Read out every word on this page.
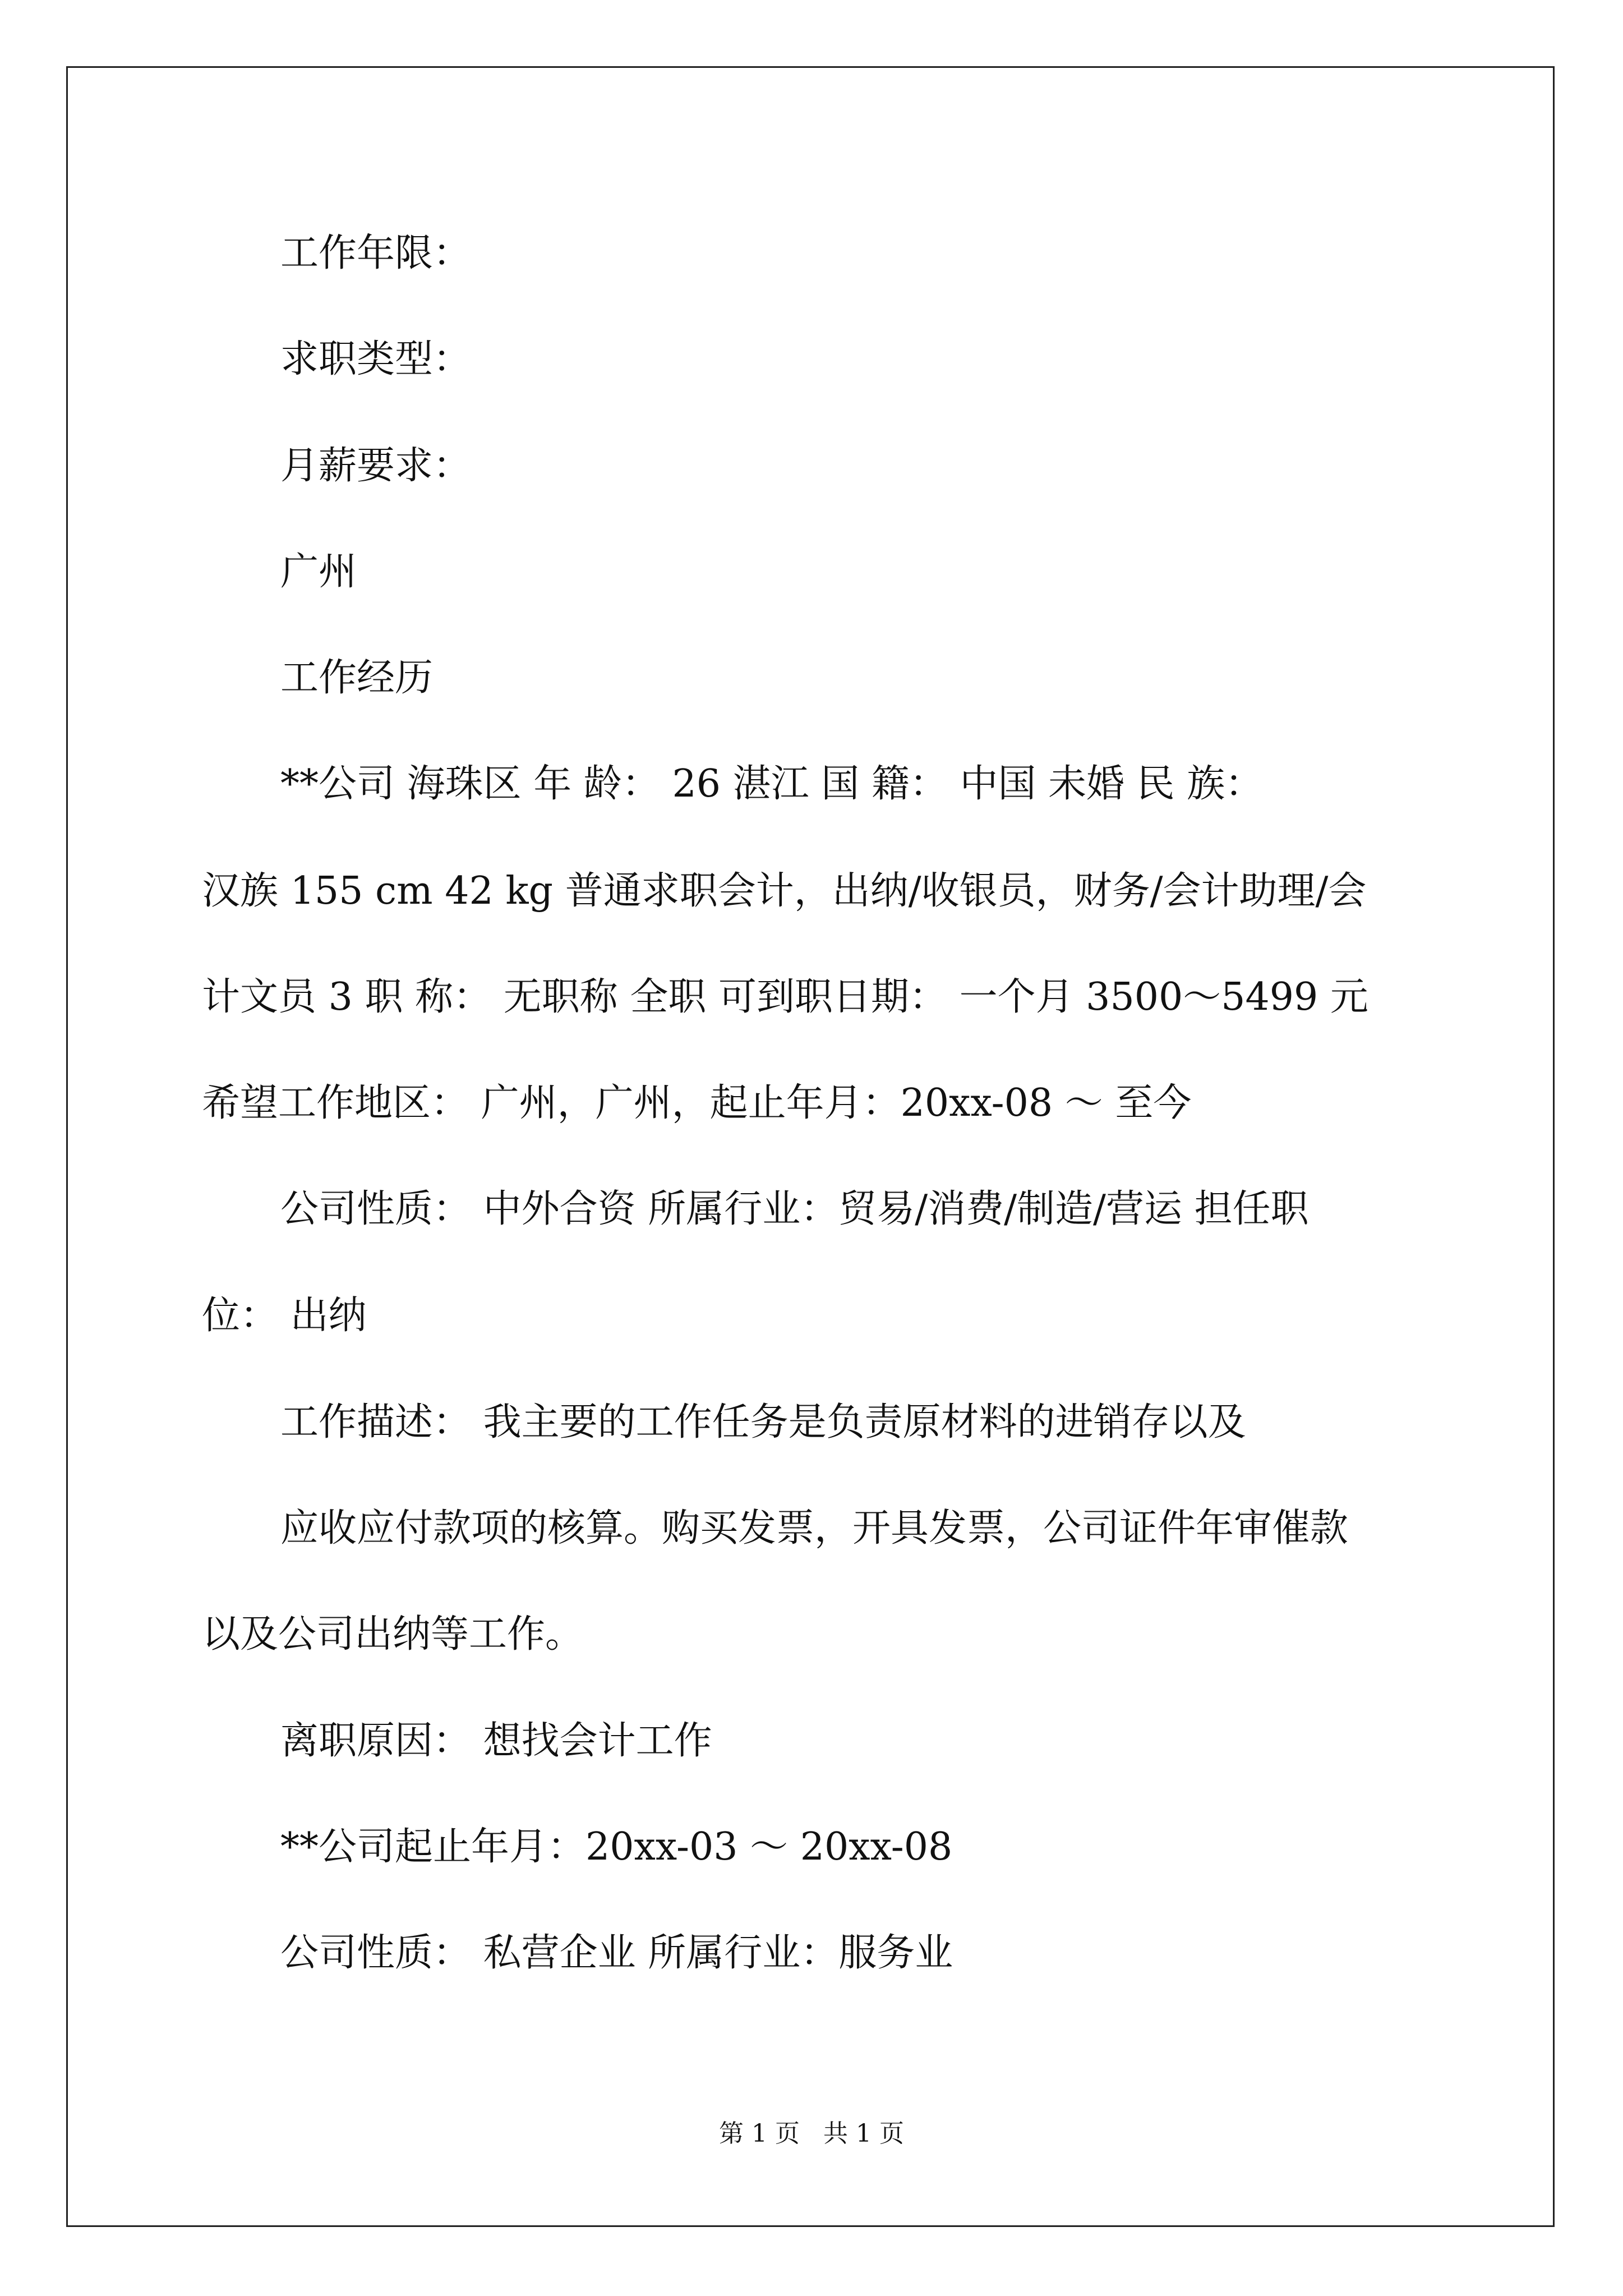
工作年限：
求职类型：
月薪要求：
广州
工作经历
**公司 海珠区 年 龄： 26 湛江 国 籍： 中国 未婚 民 族：
汉族 155 cm 42 kg 普通求职会计，出纳/收银员，财务/会计助理/会
计文员 3 职 称： 无职称 全职 可到职日期： 一个月 3500～5499 元
希望工作地区： 广州，广州，起止年月：20xx-08 ～ 至今
公司性质： 中外合资 所属行业：贸易/消费/制造/营运 担任职
位： 出纳
工作描述： 我主要的工作任务是负责原材料的进销存以及
应收应付款项的核算。购买发票，开具发票，公司证件年审催款
以及公司出纳等工作。
离职原因： 想找会计工作
**公司起止年月：20xx-03 ～ 20xx-08
公司性质： 私营企业 所属行业：服务业
第 1 页   共 1 页
